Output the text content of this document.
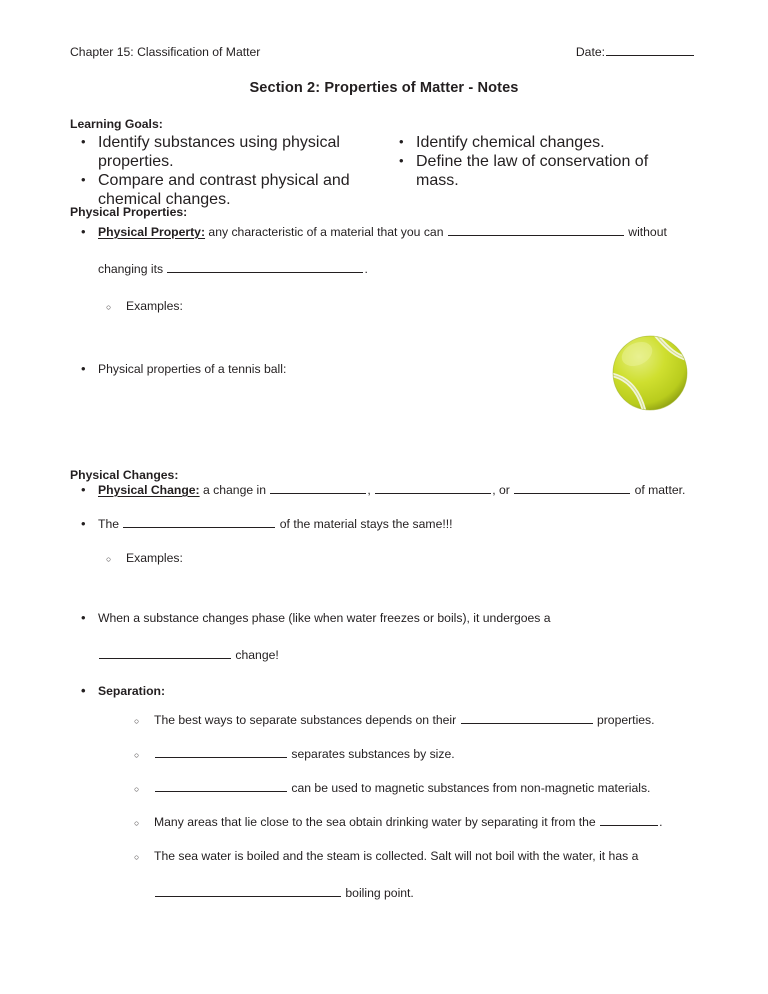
Chapter 15: Classification of Matter	Date:
Section 2: Properties of Matter - Notes
Learning Goals:
• Identify substances using physical properties.
• Compare and contrast physical and chemical changes.
• Identify chemical changes.
• Define the law of conservation of mass.
Physical Properties:
• Physical Property: any characteristic of a material that you can	without
changing its	.
○ Examples:
• Physical properties of a tennis ball:
Physical Changes:
• Physical Change: a change in	,	, or	of matter.
• The	of the material stays the same!!!
○ Examples:
• When a substance changes phase (like when water freezes or boils), it undergoes a
change!
• Separation:
○ The best ways to separate substances depends on their	properties.
○ separates substances by size.
○ can be used to magnetic substances from non-magnetic materials.
○ Many areas that lie close to the sea obtain drinking water by separating it from the	.
○ The sea water is boiled and the steam is collected. Salt will not boil with the water, it has a
boiling point.
